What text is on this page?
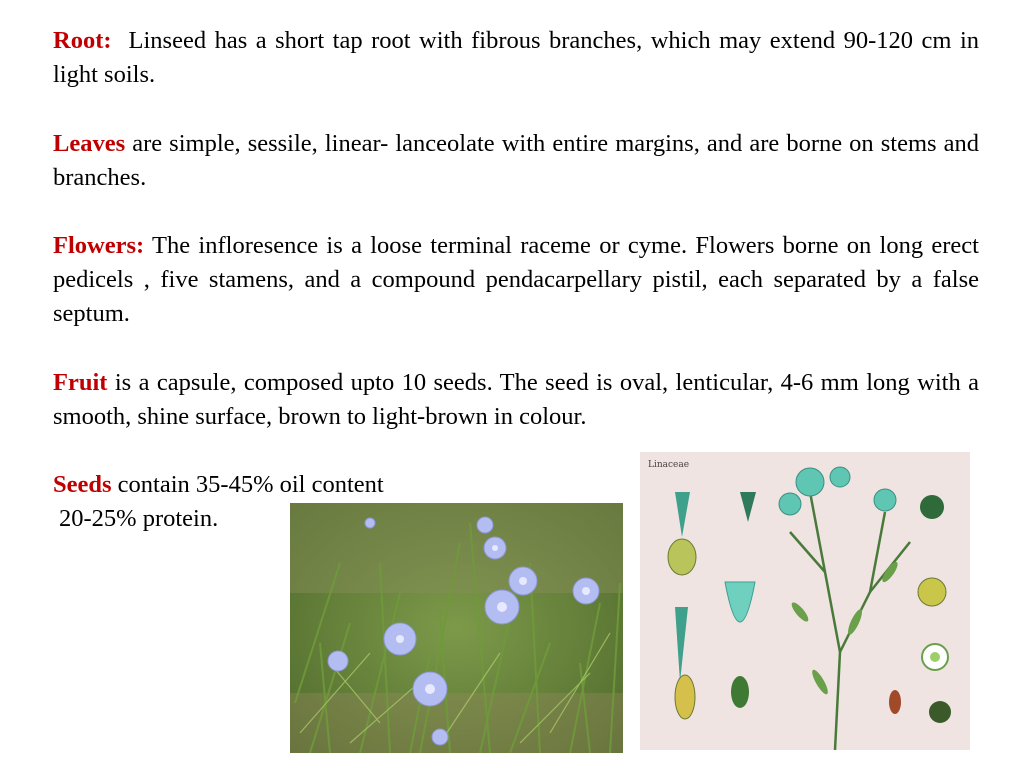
Root: Linseed has a short tap root with fibrous branches, which may extend 90-120 cm in light soils.

Leaves are simple, sessile, linear- lanceolate with entire margins, and are borne on stems and branches.

Flowers: The infloresence is a loose terminal raceme or cyme. Flowers borne on long erect pedicels , five stamens, and a compound pendacarpellary pistil, each separated by a false septum.

Fruit is a capsule, composed upto 10 seeds. The seed is oval, lenticular, 4-6 mm long with a smooth, shine surface, brown to light-brown in colour.

Seeds contain 35-45% oil content
20-25% protein.

Linaceae
